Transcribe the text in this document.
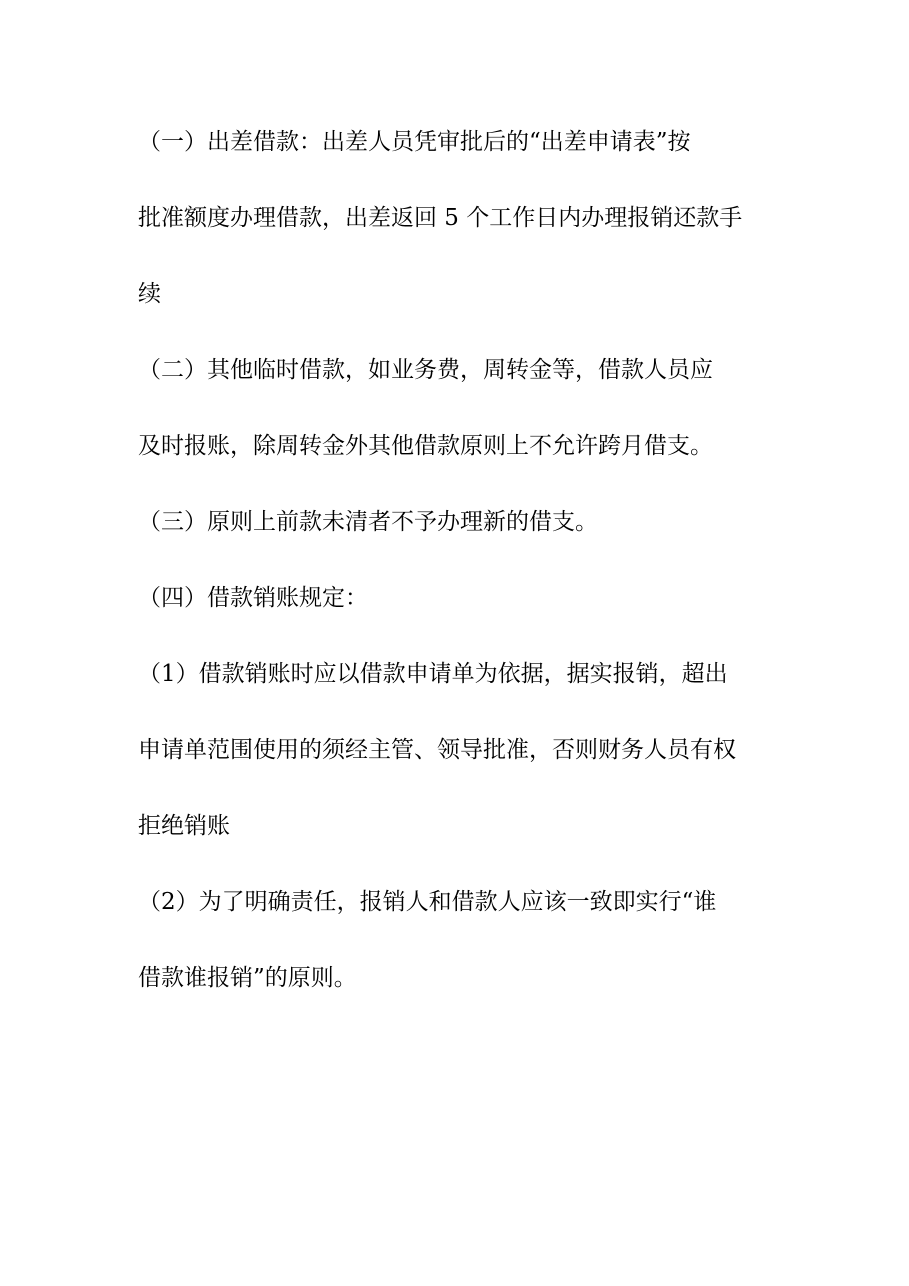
（一）出差借款：出差人员凭审批后的“出差申请表”按
批准额度办理借款，出差返回 5 个工作日内办理报销还款手
续
（二）其他临时借款，如业务费，周转金等，借款人员应
及时报账，除周转金外其他借款原则上不允许跨月借支。
（三）原则上前款未清者不予办理新的借支。
（四）借款销账规定：
（1）借款销账时应以借款申请单为依据，据实报销，超出
申请单范围使用的须经主管、领导批准，否则财务人员有权
拒绝销账
（2）为了明确责任，报销人和借款人应该一致即实行“谁
借款谁报销”的原则。
